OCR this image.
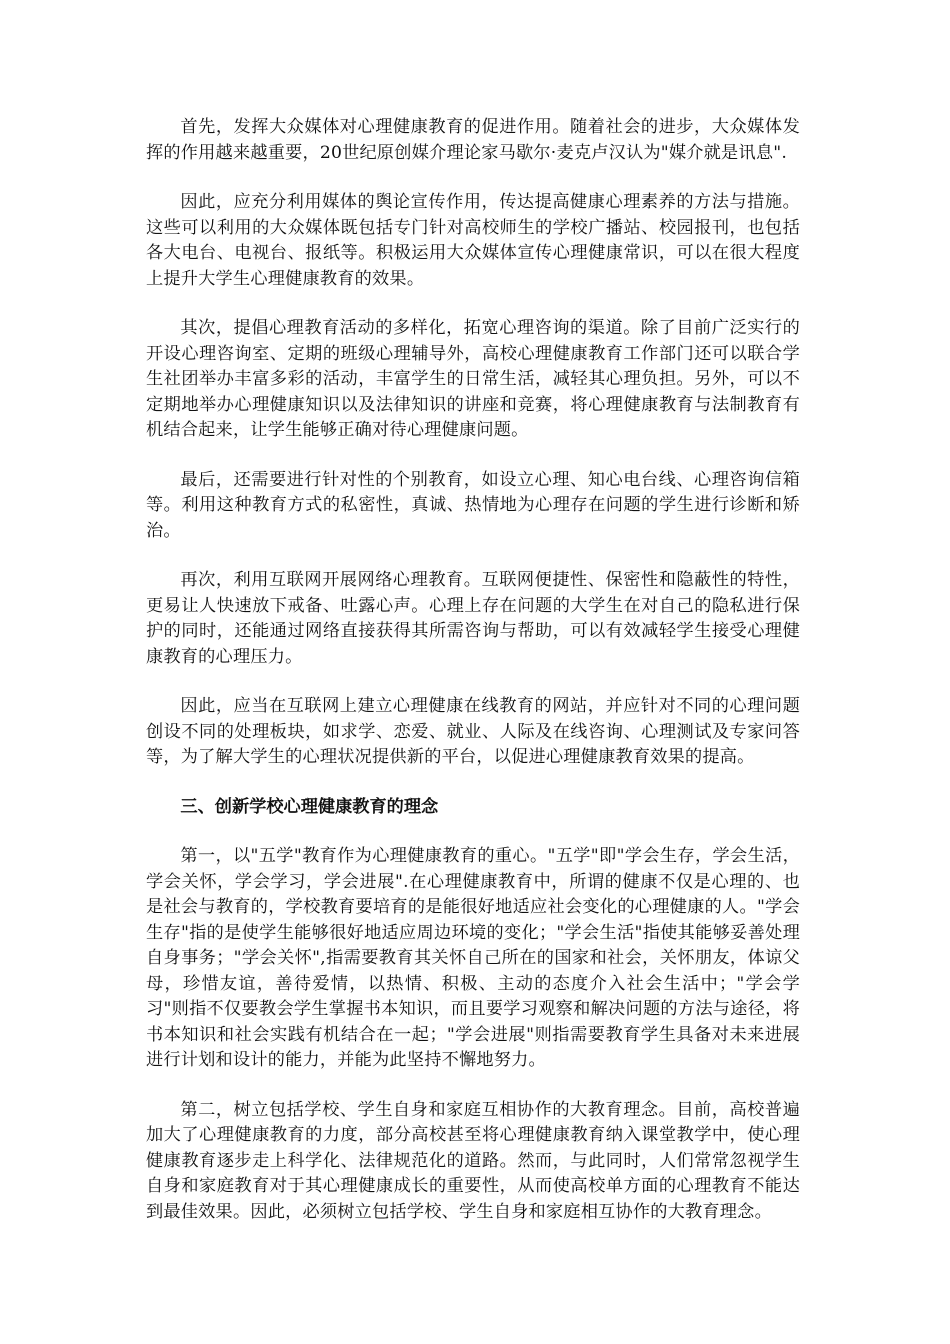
首先，发挥大众媒体对心理健康教育的促进作用。随着社会的进步，大众媒体发挥的作用越来越重要，20世纪原创媒介理论家马歇尔·麦克卢汉认为"媒介就是讯息".

因此，应充分利用媒体的舆论宣传作用，传达提高健康心理素养的方法与措施。这些可以利用的大众媒体既包括专门针对高校师生的学校广播站、校园报刊，也包括各大电台、电视台、报纸等。积极运用大众媒体宣传心理健康常识，可以在很大程度上提升大学生心理健康教育的效果。

其次，提倡心理教育活动的多样化，拓宽心理咨询的渠道。除了目前广泛实行的开设心理咨询室、定期的班级心理辅导外，高校心理健康教育工作部门还可以联合学生社团举办丰富多彩的活动，丰富学生的日常生活，减轻其心理负担。另外，可以不定期地举办心理健康知识以及法律知识的讲座和竞赛，将心理健康教育与法制教育有机结合起来，让学生能够正确对待心理健康问题。

最后，还需要进行针对性的个别教育，如设立心理、知心电台线、心理咨询信箱等。利用这种教育方式的私密性，真诚、热情地为心理存在问题的学生进行诊断和矫治。

再次，利用互联网开展网络心理教育。互联网便捷性、保密性和隐蔽性的特性，更易让人快速放下戒备、吐露心声。心理上存在问题的大学生在对自己的隐私进行保护的同时，还能通过网络直接获得其所需咨询与帮助，可以有效减轻学生接受心理健康教育的心理压力。

因此，应当在互联网上建立心理健康在线教育的网站，并应针对不同的心理问题创设不同的处理板块，如求学、恋爱、就业、人际及在线咨询、心理测试及专家问答等，为了解大学生的心理状况提供新的平台，以促进心理健康教育效果的提高。

三、创新学校心理健康教育的理念

第一，以"五学"教育作为心理健康教育的重心。"五学"即"学会生存，学会生活，学会关怀，学会学习，学会进展".在心理健康教育中，所谓的健康不仅是心理的、也是社会与教育的，学校教育要培育的是能很好地适应社会变化的心理健康的人。"学会生存"指的是使学生能够很好地适应周边环境的变化；"学会生活"指使其能够妥善处理自身事务；"学会关怀",指需要教育其关怀自己所在的国家和社会，关怀朋友，体谅父母，珍惜友谊，善待爱情，以热情、积极、主动的态度介入社会生活中；"学会学习"则指不仅要教会学生掌握书本知识，而且要学习观察和解决问题的方法与途径，将书本知识和社会实践有机结合在一起；"学会进展"则指需要教育学生具备对未来进展进行计划和设计的能力，并能为此坚持不懈地努力。

第二，树立包括学校、学生自身和家庭互相协作的大教育理念。目前，高校普遍加大了心理健康教育的力度，部分高校甚至将心理健康教育纳入课堂教学中，使心理健康教育逐步走上科学化、法律规范化的道路。然而，与此同时，人们常常忽视学生自身和家庭教育对于其心理健康成长的重要性，从而使高校单方面的心理教育不能达到最佳效果。因此，必须树立包括学校、学生自身和家庭相互协作的大教育理念。
